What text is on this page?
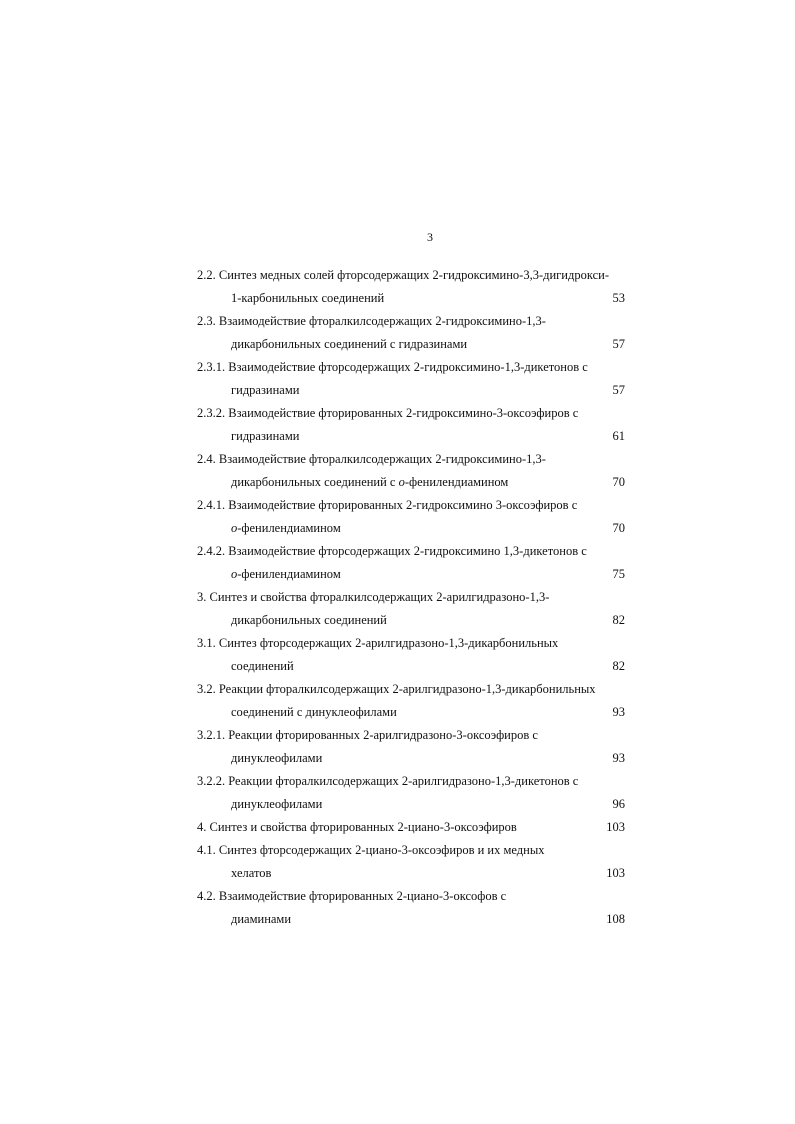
3
2.2. Синтез медных солей фторсодержащих 2-гидроксимино-3,3-дигидрокси-
1-карбонильных соединений	53
2.3. Взаимодействие фторалкилсодержащих 2-гидроксимино-1,3-
дикарбонильных соединений с гидразинами	57
2.3.1. Взаимодействие фторсодержащих 2-гидроксимино-1,3-дикетонов с
гидразинами	57
2.3.2. Взаимодействие фторированных 2-гидроксимино-3-оксоэфиров с
гидразинами	61
2.4. Взаимодействие фторалкилсодержащих 2-гидроксимино-1,3-
дикарбонильных соединений с о-фенилендиамином	70
2.4.1. Взаимодействие фторированных 2-гидроксимино 3-оксоэфиров с
о-фенилендиамином	70
2.4.2. Взаимодействие фторсодержащих 2-гидроксимино 1,3-дикетонов с
о-фенилендиамином	75
3. Синтез и свойства фторалкилсодержащих 2-арилгидразоно-1,3-
дикарбонильных соединений	82
3.1. Синтез фторсодержащих 2-арилгидразоно-1,3-дикарбонильных
соединений	82
3.2. Реакции фторалкилсодержащих 2-арилгидразоно-1,3-дикарбонильных
соединений с динуклеофилами	93
3.2.1. Реакции фторированных 2-арилгидразоно-3-оксоэфиров с
динуклеофилами	93
3.2.2. Реакции фторалкилсодержащих 2-арилгидразоно-1,3-дикетонов с
динуклеофилами	96
4. Синтез и свойства фторированных 2-циано-3-оксоэфиров	103
4.1. Синтез фторсодержащих 2-циано-3-оксоэфиров и их медных
хелатов	103
4.2. Взаимодействие фторированных 2-циано-3-оксофов с
диаминами	108
